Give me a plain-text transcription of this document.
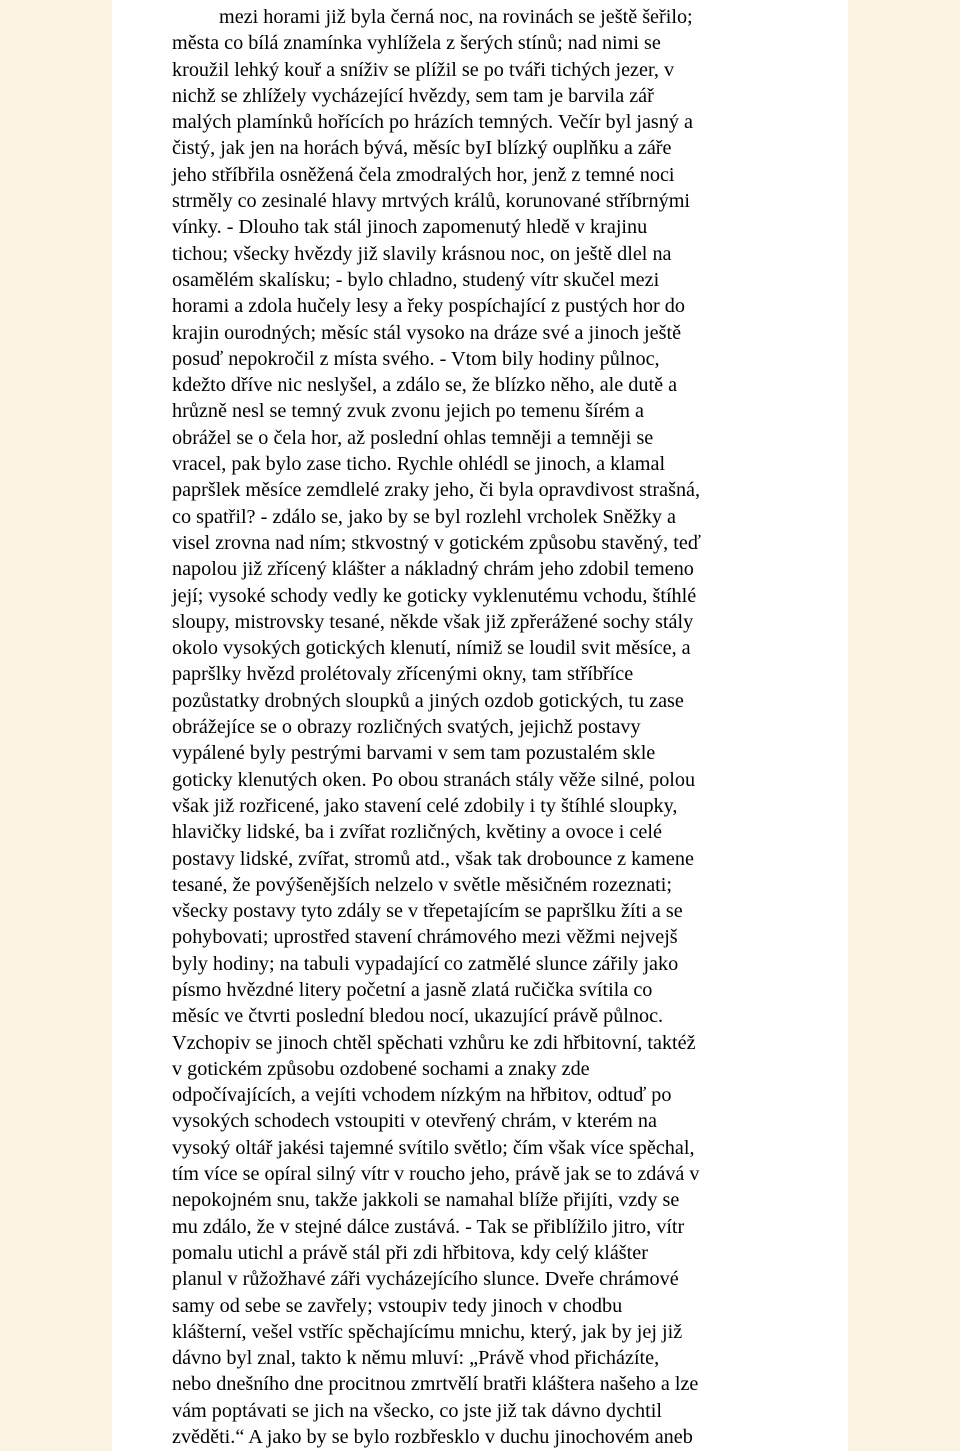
mezi horami již byla černá noc, na rovinách se ještě šeřilo;
města co bílá znamínka vyhlížela z šerých stínů; nad nimi se
kroužil lehký kouř a sníživ se plížil se po tváři tichých jezer, v
nichž se zhlížely vycházející hvězdy, sem tam je barvila zář
malých plamínků hořících po hrázích temných. Večír byl jasný a
čistý, jak jen na horách bývá, měsíc byI blízký ouplňku a záře
jeho stříbřila osněžená čela zmodralých hor, jenž z temné noci
strměly co zesinalé hlavy mrtvých králů, korunované stříbrnými
vínky. - Dlouho tak stál jinoch zapomenutý hledě v krajinu
tichou; všecky hvězdy již slavily krásnou noc, on ještě dlel na
osamělém skalísku; - bylo chladno, studený vítr skučel mezi
horami a zdola hučely lesy a řeky pospíchající z pustých hor do
krajin ourodných; měsíc stál vysoko na dráze své a jinoch ještě
posuď nepokročil z místa svého. - Vtom bily hodiny půlnoc,
kdežto dříve nic neslyšel, a zdálo se, že blízko něho, ale dutě a
hrůzně nesl se temný zvuk zvonu jejich po temenu šírém a
obrážel se o čela hor, až poslední ohlas temněji a temněji se
vracel, pak bylo zase ticho. Rychle ohlédl se jinoch, a klamal
papršlek měsíce zemdlelé zraky jeho, či byla opravdivost strašná,
co spatřil? - zdálo se, jako by se byl rozlehl vrcholek Sněžky a
visel zrovna nad ním; stkvostný v gotickém způsobu stavěný, teď
napolou již zřícený klášter a nákladný chrám jeho zdobil temeno
její; vysoké schody vedly ke goticky vyklenutému vchodu, štíhlé
sloupy, mistrovsky tesané, někde však již zpřerážené sochy stály
okolo vysokých gotických klenutí, nímiž se loudil svit měsíce, a
papršlky hvězd prolétovaly zřícenými okny, tam stříbříce
pozůstatky drobných sloupků a jiných ozdob gotických, tu zase
obrážejíce se o obrazy rozličných svatých, jejichž postavy
vypálené byly pestrými barvami v sem tam pozustalém skle
goticky klenutých oken. Po obou stranách stály věže silné, polou
však již rozřicené, jako stavení celé zdobily i ty štíhlé sloupky,
hlavičky lidské, ba i zvířat rozličných, květiny a ovoce i celé
postavy lidské, zvířat, stromů atd., však tak drobounce z kamene
tesané, že povýšenějších nelzelo v světle měsičném rozeznati;
všecky postavy tyto zdály se v třepetajícím se papršlku žíti a se
pohybovati; uprostřed stavení chrámového mezi věžmi nejvejš
byly hodiny; na tabuli vypadající co zatmělé slunce zářily jako
písmo hvězdné litery početní a jasně zlatá ručička svítila co
měsíc ve čtvrti poslední bledou nocí, ukazující právě půlnoc.
Vzchopiv se jinoch chtěl spěchati vzhůru ke zdi hřbitovní, taktéž
v gotickém způsobu ozdobené sochami a znaky zde
odpočívajících, a vejíti vchodem nízkým na hřbitov, odtuď po
vysokých schodech vstoupiti v otevřený chrám, v kterém na
vysoký oltář jakési tajemné svítilo světlo; čím však více spěchal,
tím více se opíral silný vítr v roucho jeho, právě jak se to zdává v
nepokojném snu, takže jakkoli se namahal blíže přijíti, vzdy se
mu zdálo, že v stejné dálce zustává. - Tak se přiblížilo jitro, vítr
pomalu utichl a právě stál při zdi hřbitova, kdy celý klášter
planul v růžožhavé záři vycházejícího slunce. Dveře chrámové
samy od sebe se zavřely; vstoupiv tedy jinoch v chodbu
klášterní, vešel vstříc spěchajícímu mnichu, který, jak by jej již
dávno byl znal, takto k němu mluví: „Právě vhod přicházíte,
nebo dnešního dne procitnou zmrtvělí bratři kláštera našeho a lze
vám poptávati se jich na všecko, co jste již tak dávno dychtil
zvěděti.“ A jako by se bylo rozbřesklo v duchu jinochovém aneb
